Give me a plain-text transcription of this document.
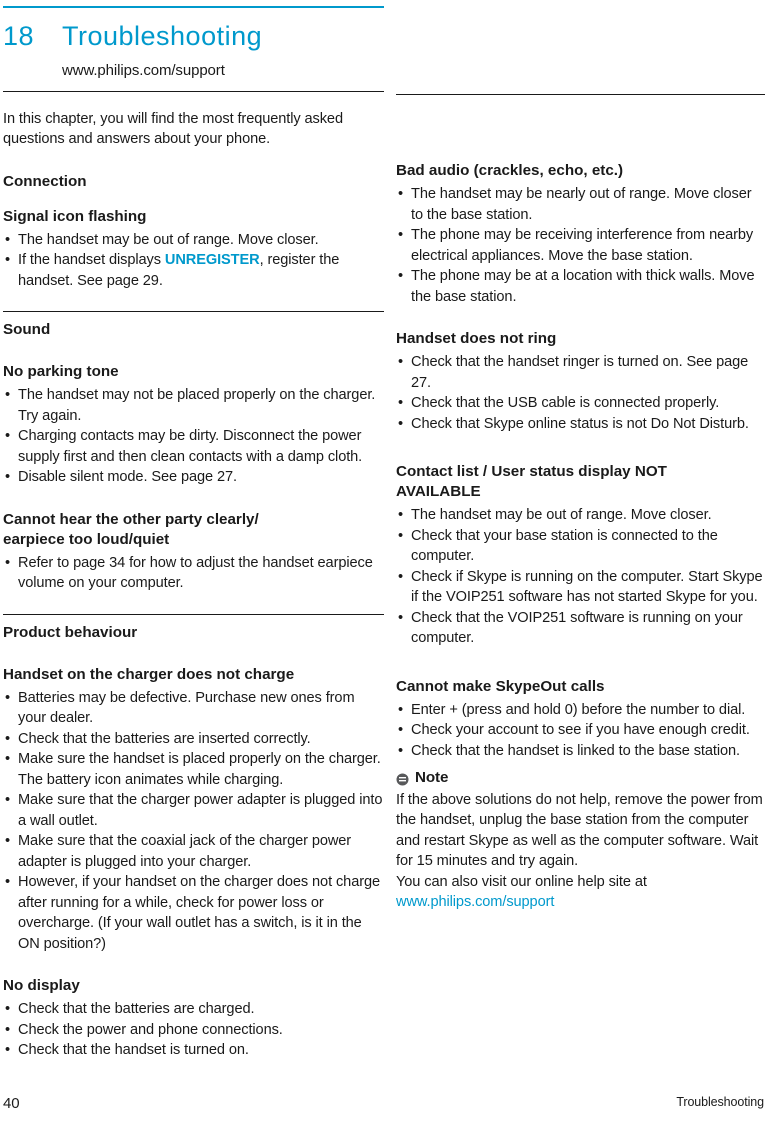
18	Troubleshooting
www.philips.com/support

In this chapter, you will find the most frequently asked questions and answers about your phone.

Connection
Signal icon flashing
• The handset may be out of range. Move closer.
• If the handset displays UNREGISTER, register the handset. See page 29.
Sound
No parking tone
• The handset may not be placed properly on the charger. Try again.
• Charging contacts may be dirty. Disconnect the power supply first and then clean contacts with a damp cloth.
• Disable silent mode. See page 27.
Cannot hear the other party clearly/ earpiece too loud/quiet
• Refer to page 34 for how to adjust the handset earpiece volume on your computer.
Product behaviour
Handset on the charger does not charge
• Batteries may be defective. Purchase new ones from your dealer.
• Check that the batteries are inserted correctly.
• Make sure the handset is placed properly on the charger. The battery icon animates while charging.
• Make sure that the charger power adapter is plugged into a wall outlet.
• Make sure that the coaxial jack of the charger power adapter is plugged into your charger.
• However, if your handset on the charger does not charge after running for a while, check for power loss or overcharge. (If your wall outlet has a switch, is it in the ON position?)
No display
• Check that the batteries are charged.
• Check the power and phone connections.
• Check that the handset is turned on.
Bad audio (crackles, echo, etc.)
• The handset may be nearly out of range. Move closer to the base station.
• The phone may be receiving interference from nearby electrical appliances. Move the base station.
• The phone may be at a location with thick walls. Move the base station.
Handset does not ring
• Check that the handset ringer is turned on. See page 27.
• Check that the USB cable is connected properly.
• Check that Skype online status is not Do Not Disturb.
Contact list / User status display NOT AVAILABLE
• The handset may be out of range. Move closer.
• Check that your base station is connected to the computer.
• Check if Skype is running on the computer. Start Skype if the VOIP251 software has not started Skype for you.
• Check that the VOIP251 software is running on your computer.
Cannot make SkypeOut calls
• Enter + (press and hold 0) before the number to dial.
• Check your account to see if you have enough credit.
• Check that the handset is linked to the base station.
Note

If the above solutions do not help, remove the power from the handset, unplug the base station from the computer and restart Skype as well as the computer software. Wait for 15 minutes and try again.

You can also visit our online help site at

www.philips.com/support
40	Troubleshooting
